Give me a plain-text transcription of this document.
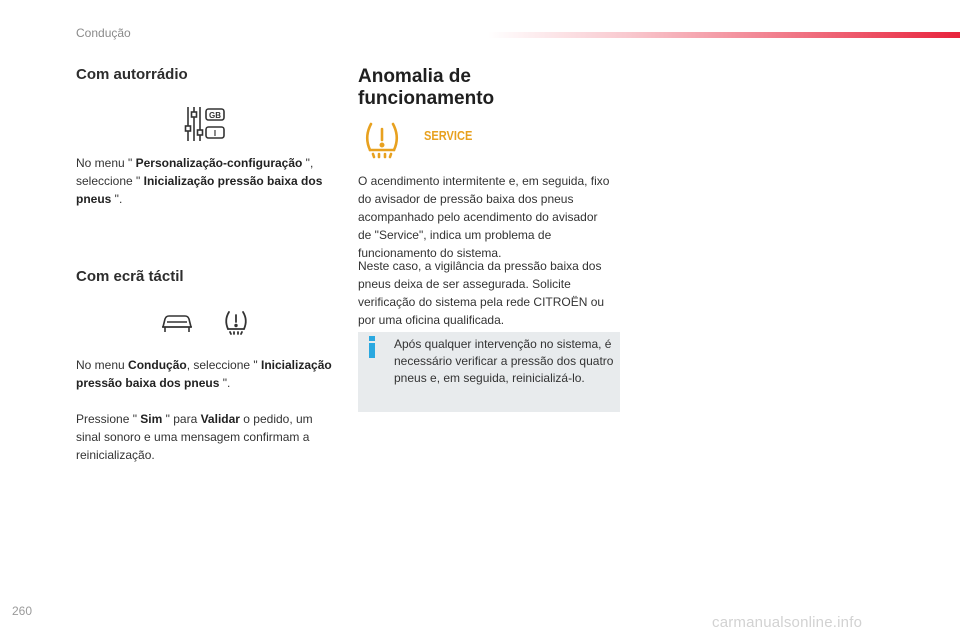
Condução
Com autorrádio
GB
I
No menu " Personalização-configuração ", seleccione " Inicialização pressão baixa dos pneus ".
Com ecrã táctil
No menu Condução, seleccione " Inicialização pressão baixa dos pneus ".
Pressione " Sim " para Validar o pedido, um sinal sonoro e uma mensagem confirmam a reinicialização.
Anomalia de
funcionamento
SERVICE
O acendimento intermitente e, em seguida, fixo do avisador de pressão baixa dos pneus acompanhado pelo acendimento do avisador de "Service", indica um problema de funcionamento do sistema.
Neste caso, a vigilância da pressão baixa dos pneus deixa de ser assegurada. Solicite verificação do sistema pela rede CITROËN ou por uma oficina qualificada.
Após qualquer intervenção no sistema, é necessário verificar a pressão dos quatro pneus e, em seguida, reinicializá-lo.
260
carmanualsonline.info
